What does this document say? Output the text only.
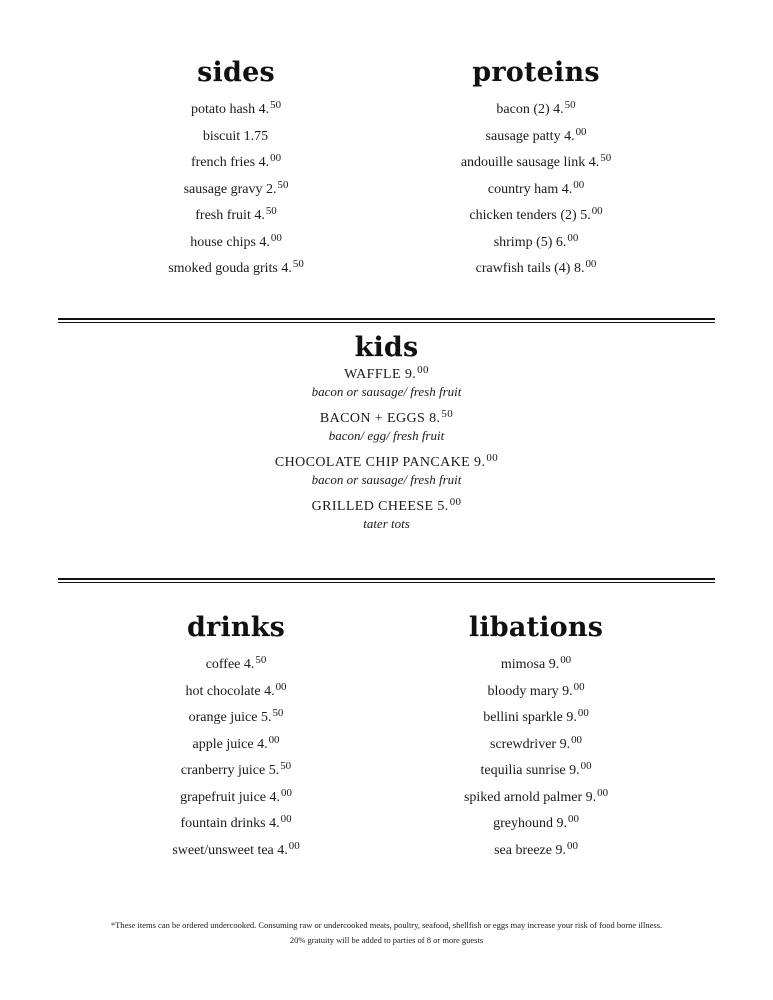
sides
potato hash 4.50
biscuit 1.75
french fries 4.00
sausage gravy 2.50
fresh fruit 4.50
house chips 4.00
smoked gouda grits 4.50
proteins
bacon (2) 4.50
sausage patty 4.00
andouille sausage link 4.50
country ham 4.00
chicken tenders (2) 5.00
shrimp (5) 6.00
crawfish tails (4) 8.00
kids
WAFFLE 9.00
bacon or sausage/ fresh fruit
BACON + EGGS 8.50
bacon/ egg/ fresh fruit
CHOCOLATE CHIP PANCAKE 9.00
bacon or sausage/ fresh fruit
GRILLED CHEESE 5.00
tater tots
drinks
coffee 4.50
hot chocolate 4.00
orange juice 5.50
apple juice 4.00
cranberry juice 5.50
grapefruit juice 4.00
fountain drinks 4.00
sweet/unsweet tea 4.00
libations
mimosa 9.00
bloody mary 9.00
bellini sparkle 9.00
screwdriver 9.00
tequilia sunrise 9.00
spiked arnold palmer 9.00
greyhound 9.00
sea breeze 9.00
*These items can be ordered undercooked. Consuming raw or undercooked meats, poultry, seafood, shellfish or eggs may increase your risk of food borne illness.
20% gratuity will be added to parties of 8 or more guests
